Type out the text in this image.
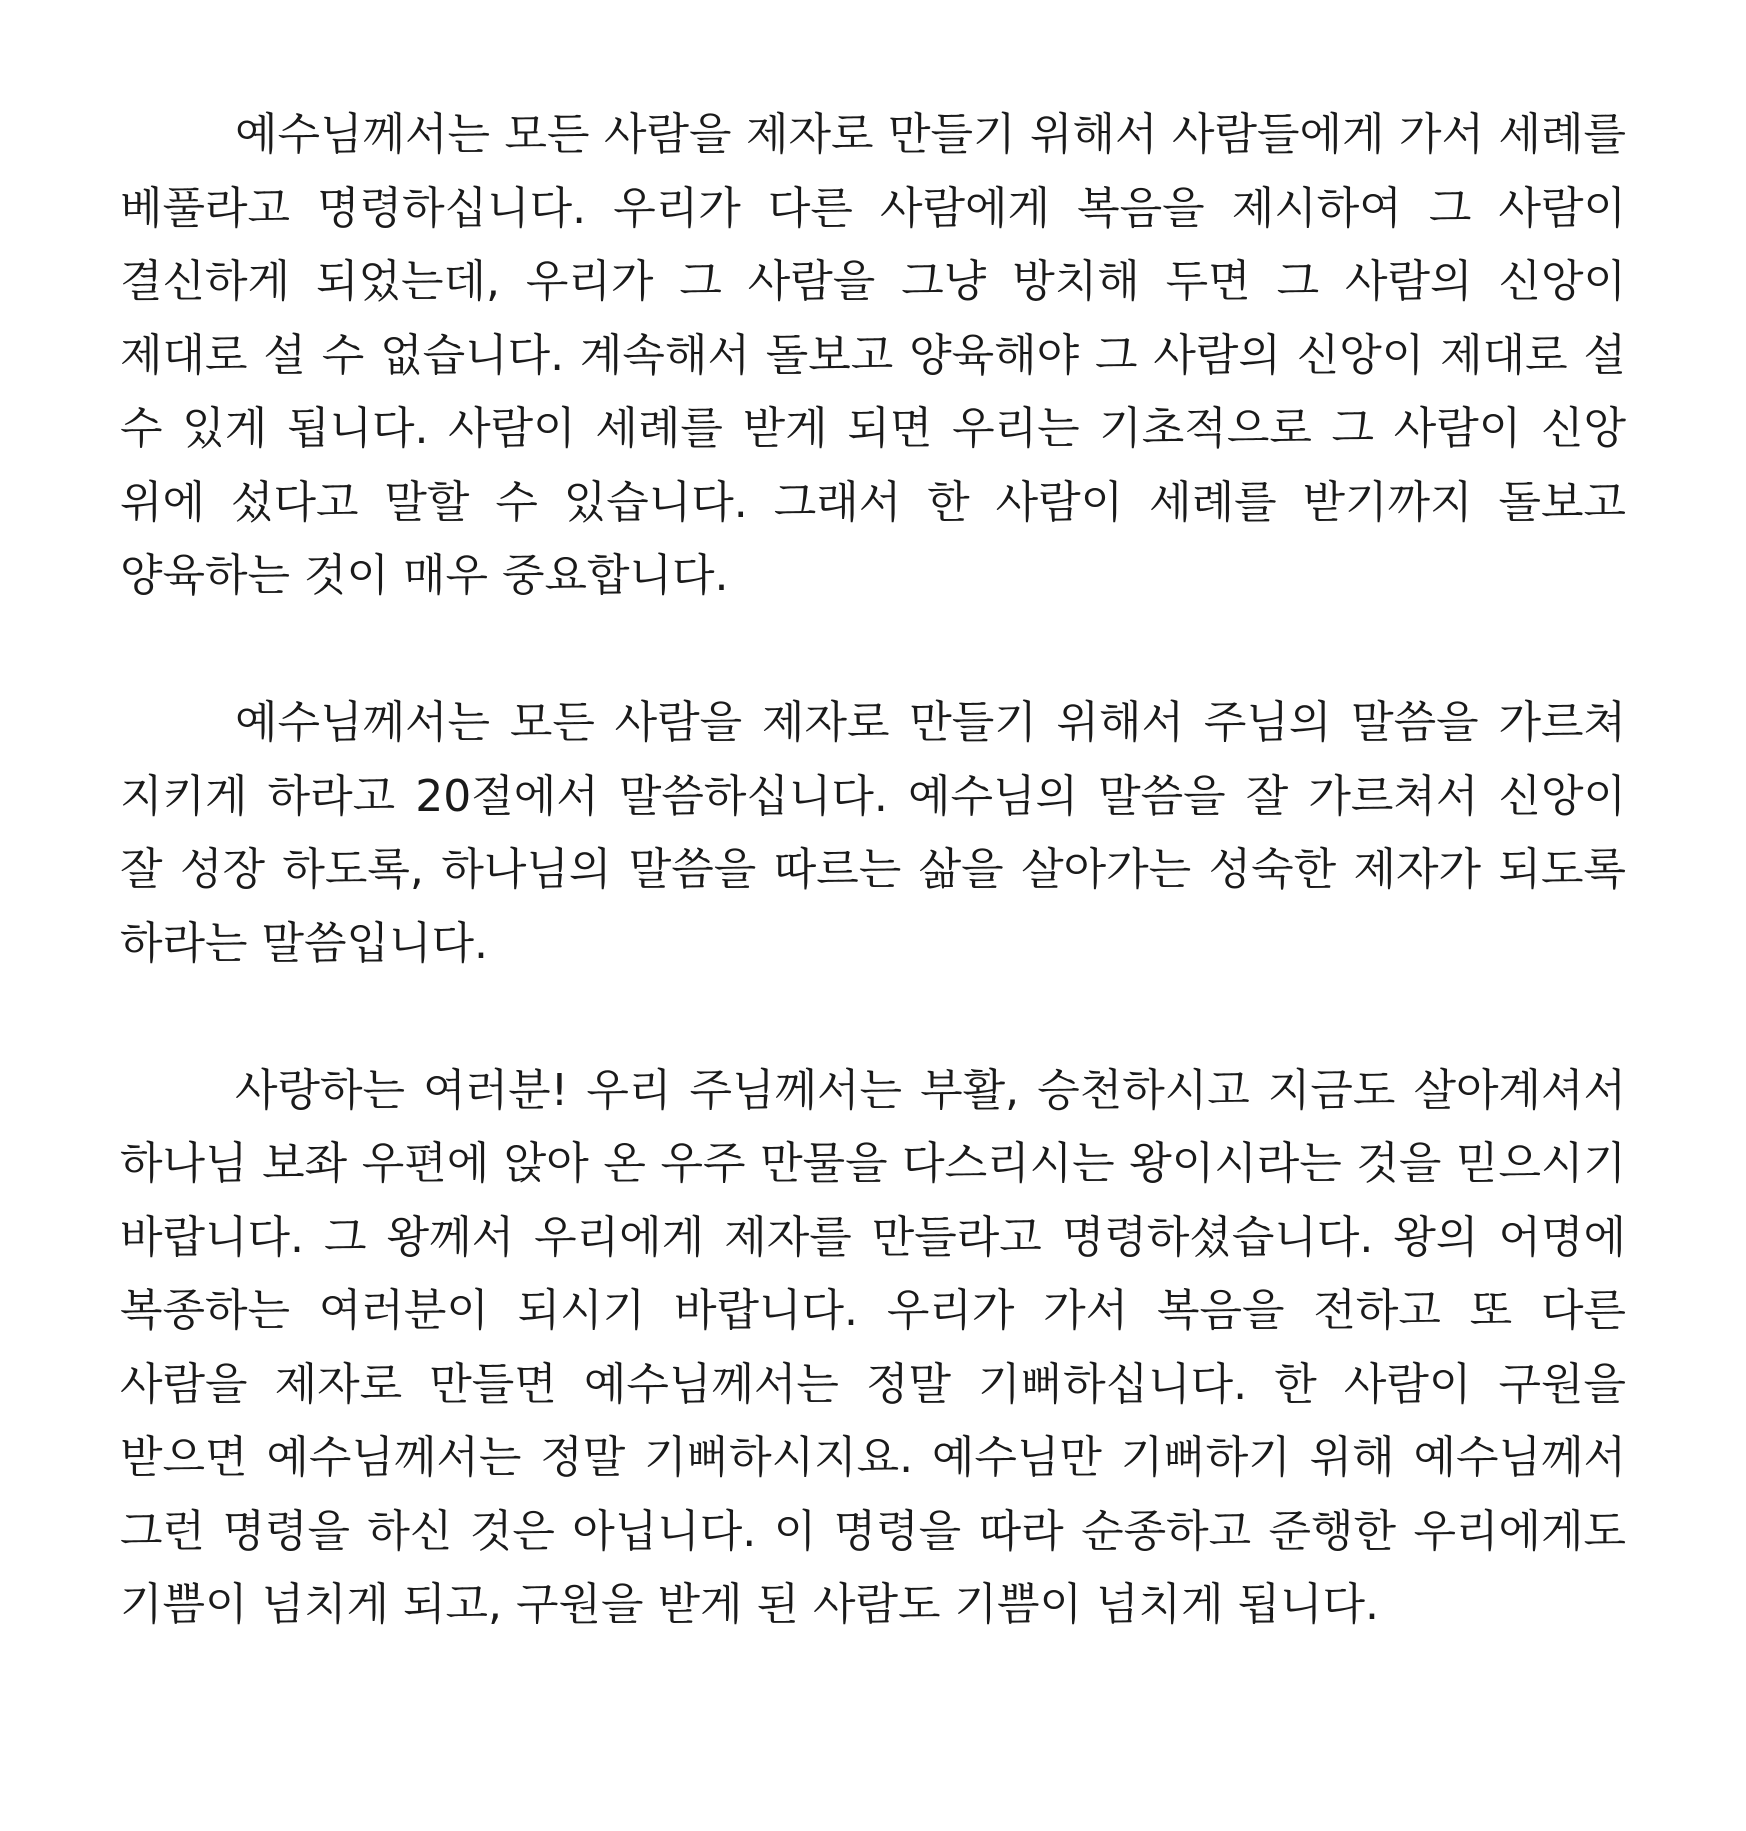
예수님께서는 모든 사람을 제자로 만들기 위해서 사람들에게 가서 세례를 베풀라고 명령하십니다. 우리가 다른 사람에게 복음을 제시하여 그 사람이 결신하게 되었는데, 우리가 그 사람을 그냥 방치해 두면 그 사람의 신앙이 제대로 설 수 없습니다. 계속해서 돌보고 양육해야 그 사람의 신앙이 제대로 설 수 있게 됩니다. 사람이 세례를 받게 되면 우리는 기초적으로 그 사람이 신앙 위에 섰다고 말할 수 있습니다. 그래서 한 사람이 세례를 받기까지 돌보고 양육하는 것이 매우 중요합니다.

예수님께서는 모든 사람을 제자로 만들기 위해서 주님의 말씀을 가르쳐 지키게 하라고 20절에서 말씀하십니다. 예수님의 말씀을 잘 가르쳐서 신앙이 잘 성장 하도록, 하나님의 말씀을 따르는 삶을 살아가는 성숙한 제자가 되도록 하라는 말씀입니다.

사랑하는 여러분! 우리 주님께서는 부활, 승천하시고 지금도 살아계셔서 하나님 보좌 우편에 앉아 온 우주 만물을 다스리시는 왕이시라는 것을 믿으시기 바랍니다. 그 왕께서 우리에게 제자를 만들라고 명령하셨습니다. 왕의 어명에 복종하는 여러분이 되시기 바랍니다. 우리가 가서 복음을 전하고 또 다른 사람을 제자로 만들면 예수님께서는 정말 기뻐하십니다. 한 사람이 구원을 받으면 예수님께서는 정말 기뻐하시지요. 예수님만 기뻐하기 위해 예수님께서 그런 명령을 하신 것은 아닙니다. 이 명령을 따라 순종하고 준행한 우리에게도 기쁨이 넘치게 되고, 구원을 받게 된 사람도 기쁨이 넘치게 됩니다.
